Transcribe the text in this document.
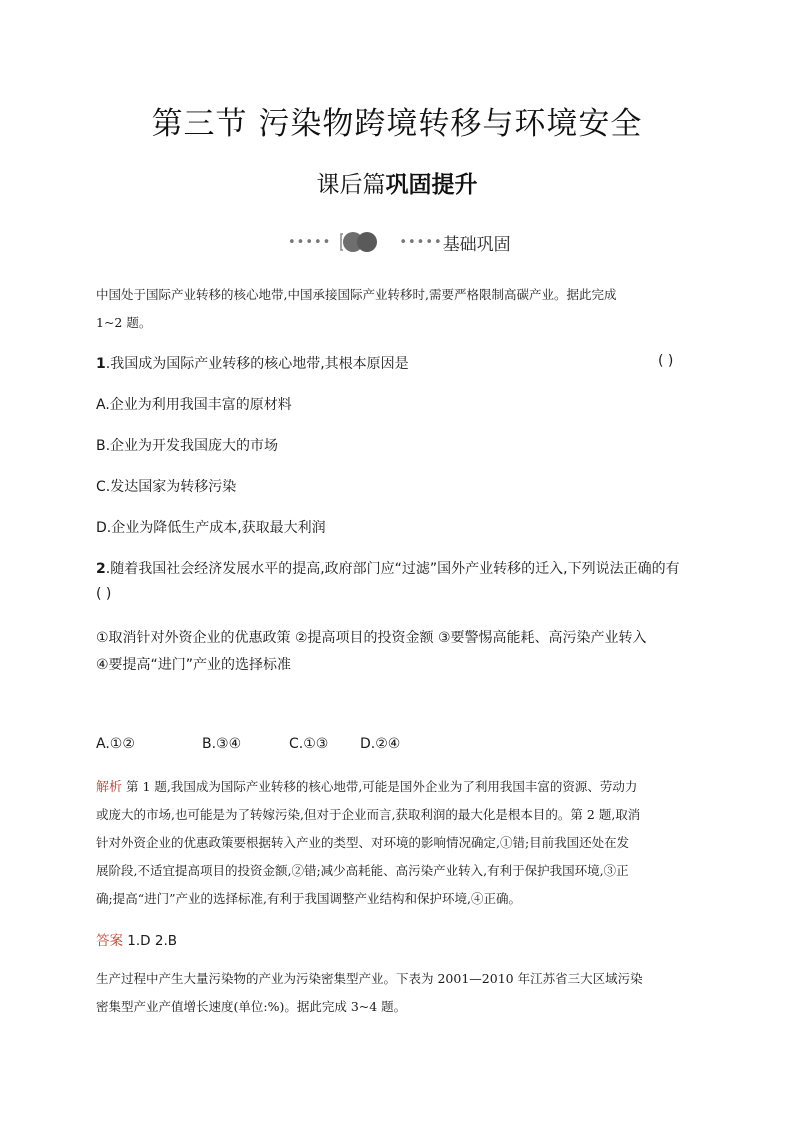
第三节 污染物跨境转移与环境安全
课后篇巩固提升
•••••	••••• 基础巩固
中国处于国际产业转移的核心地带,中国承接国际产业转移时,需要严格限制高碳产业。据此完成
1~2 题。
1.我国成为国际产业转移的核心地带,其根本原因是	( )
A.企业为利用我国丰富的原材料
B.企业为开发我国庞大的市场
C.发达国家为转移污染
D.企业为降低生产成本,获取最大利润
2.随着我国社会经济发展水平的提高,政府部门应“过滤”国外产业转移的迁入,下列说法正确的有
( )
①取消针对外资企业的优惠政策 ②提高项目的投资金额 ③要警惕高能耗、高污染产业转入
④要提高“进门”产业的选择标准
A.①②	B.③④	C.①③ D.②④
解析 第 1 题,我国成为国际产业转移的核心地带,可能是国外企业为了利用我国丰富的资源、劳动力
或庞大的市场,也可能是为了转嫁污染,但对于企业而言,获取利润的最大化是根本目的。第 2 题,取消
针对外资企业的优惠政策要根据转入产业的类型、对环境的影响情况确定,①错;目前我国还处在发
展阶段,不适宜提高项目的投资金额,②错;减少高耗能、高污染产业转入,有利于保护我国环境,③正
确;提高“进门”产业的选择标准,有利于我国调整产业结构和保护环境,④正确。
答案 1.D 2.B
生产过程中产生大量污染物的产业为污染密集型产业。下表为 2001—2010 年江苏省三大区域污染
密集型产业产值增长速度(单位:%)。据此完成 3~4 题。
